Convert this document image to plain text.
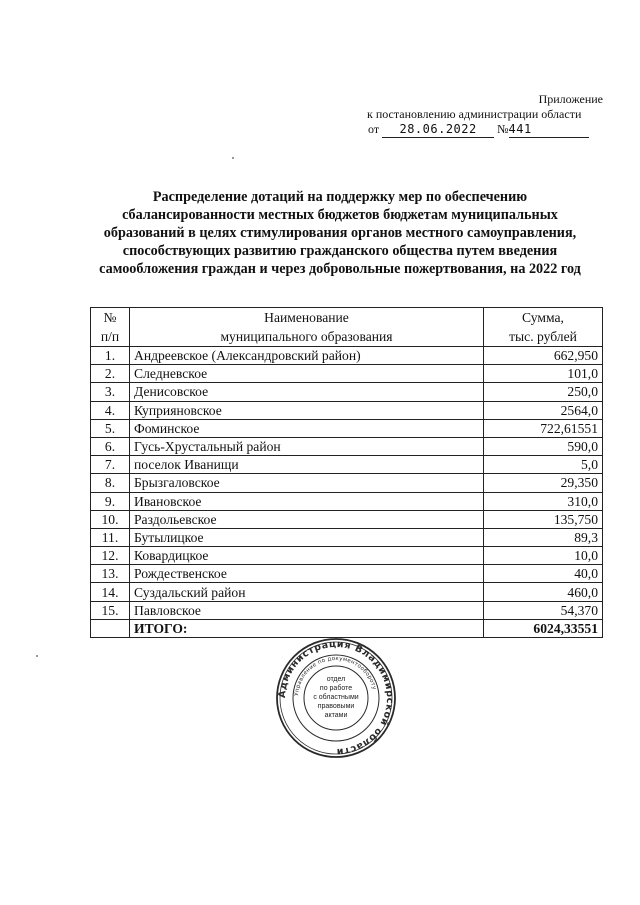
Приложение
к постановлению администрации области
от 28.06.2022 №441
Распределение дотаций на поддержку мер по обеспечению
сбалансированности местных бюджетов бюджетам муниципальных
образований в целях стимулирования органов местного самоуправления,
способствующих развитию гражданского общества путем введения
самообложения граждан и через добровольные пожертвования, на 2022 год
№	Наименование	Сумма,
п/п	муниципального образования	тыс. рублей
1.	Андреевское (Александровский район)	662,950
2.	Следневское	101,0
3.	Денисовское	250,0
4.	Куприяновское	2564,0
5.	Фоминское	722,61551
6.	Гусь-Хрустальный район	590,0
7.	поселок Иванищи	5,0
8.	Брызгаловское	29,350
9.	Ивановское	310,0
10.	Раздольевское	135,750
11.	Бутылицкое	89,3
12.	Ковардицкое	10,0
13.	Рождественское	40,0
14.	Суздальский район	460,0
15.	Павловское	54,370
	ИТОГО:	6024,33551
Администрация Владимирской области
Управление по документообороту
отдел
по работе
с областными
правовыми
актами
